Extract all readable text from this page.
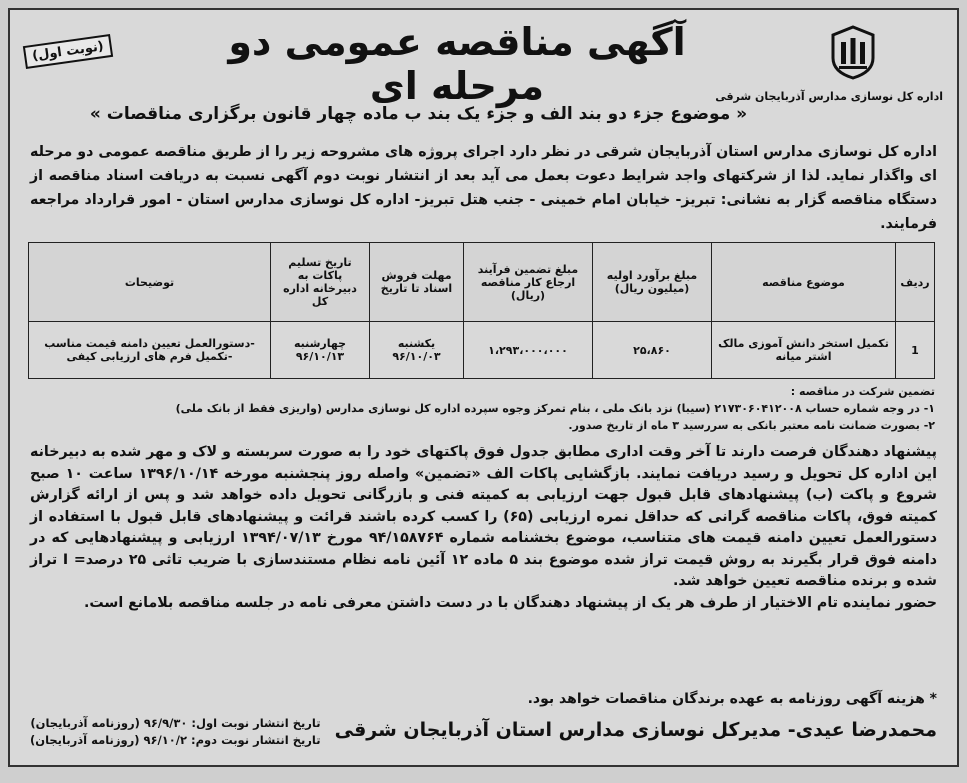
اداره کل نوسازی مدارس آذربایجان شرقی
آگهی مناقصه عمومی دو مرحله ای
(نوبت اول)
« موضوع جزء دو بند الف و جزء یک بند ب ماده چهار قانون برگزاری مناقصات »
اداره کل نوسازی مدارس استان آذربایجان شرقی در نظر دارد اجرای پروژه های مشروحه زیر را از طریق مناقصه عمومی دو مرحله ای واگذار نماید. لذا از شرکتهای واجد شرایط دعوت بعمل می آید بعد از انتشار نوبت دوم آگهی نسبت به دریافت اسناد مناقصه از دستگاه مناقصه گزار به نشانی: تبریز- خیابان امام خمینی - جنب هتل تبریز- اداره کل نوسازی مدارس استان - امور قرارداد مراجعه فرمایند.
ردیف	موضوع مناقصه	مبلغ برآورد اولیه (میلیون ریال)	مبلغ تضمین فرآیند ارجاع کار مناقصه (ریال)	مهلت فروش اسناد تا تاریخ	تاریخ تسلیم پاکات به دبیرخانه اداره کل	توضیحات
1	تکمیل استخر دانش آموزی مالک اشتر میانه	۲۵،۸۶۰	۱،۲۹۳،۰۰۰،۰۰۰	یکشنبه ۹۶/۱۰/۰۳	چهارشنبه ۹۶/۱۰/۱۳	-دستورالعمل تعیین دامنه قیمت مناسب -تکمیل فرم های ارزیابی کیفی
تضمین شرکت در مناقصه :
۱- در وجه شماره حساب ۲۱۷۳۰۶۰۴۱۲۰۰۸ (سیبا) نزد بانک ملی ، بنام تمرکز وجوه سپرده اداره کل نوسازی مدارس (واریزی فقط از بانک ملی)
۲- بصورت ضمانت نامه معتبر بانکی به سررسید ۳ ماه از تاریخ صدور.
پیشنهاد دهندگان فرصت دارند تا آخر وقت اداری مطابق جدول فوق پاکتهای خود را به صورت سربسته و لاک و مهر شده به دبیرخانه این اداره کل تحویل و رسید دریافت نمایند. بازگشایی پاکات الف «تضمین» واصله روز پنجشنبه مورخه ۱۳۹۶/۱۰/۱۴ ساعت ۱۰ صبح شروع و پاکت (ب) پیشنهادهای قابل قبول جهت ارزیابی به کمیته فنی و بازرگانی تحویل داده خواهد شد و پس از ارائه گزارش کمیته فوق، پاکات مناقصه گرانی که حداقل نمره ارزیابی (۶۵) را کسب کرده باشند قرائت و پیشنهادهای قابل قبول با استفاده از دستورالعمل تعیین دامنه قیمت های متناسب، موضوع بخشنامه شماره ۹۴/۱۵۸۷۶۴ مورخ ۱۳۹۴/۰۷/۱۳ ارزیابی و پیشنهادهایی که در دامنه فوق قرار بگیرند به روش قیمت تراز شده موضوع بند ۵ ماده ۱۲ آئین نامه نظام مستندسازی با ضریب تاثی ۲۵ درصد= I تراز شده و برنده مناقصه تعیین خواهد شد.
حضور نماینده تام الاختیار از طرف هر یک از پیشنهاد دهندگان با در دست داشتن معرفی نامه در جلسه مناقصه بلامانع است.
* هزینه آگهی روزنامه به عهده برندگان مناقصات خواهد بود.
محمدرضا عیدی- مدیرکل نوسازی مدارس استان آذربایجان شرقی
تاریخ انتشار نوبت اول: ۹۶/۹/۳۰ (روزنامه آذربایجان)
تاریخ انتشار نوبت دوم: ۹۶/۱۰/۲ (روزنامه آذربایجان)
